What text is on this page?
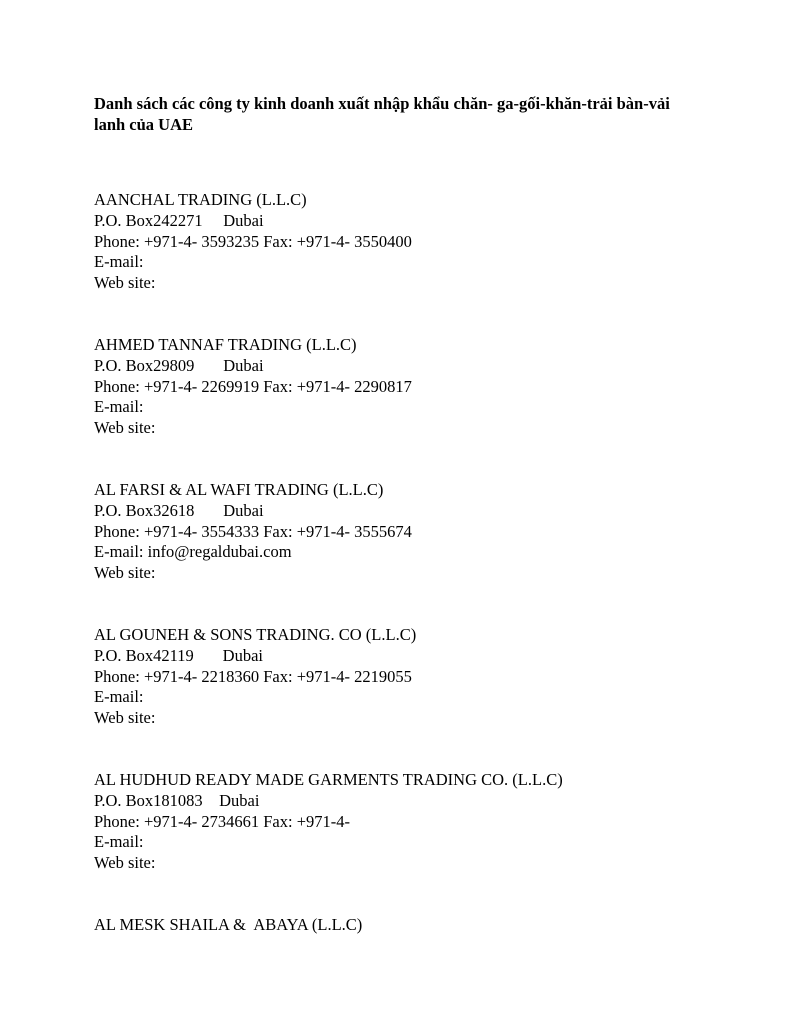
Danh sách các công ty kinh doanh xuất nhập khẩu chăn- ga-gối-khăn-trải bàn-vải lanh của UAE

AANCHAL TRADING (L.L.C)
P.O. Box242271     Dubai
Phone: +971-4- 3593235 Fax: +971-4- 3550400
E-mail:
Web site:
AHMED TANNAF TRADING (L.L.C)
P.O. Box29809       Dubai
Phone: +971-4- 2269919 Fax: +971-4- 2290817
E-mail:
Web site:
AL FARSI & AL WAFI TRADING (L.L.C)
P.O. Box32618       Dubai
Phone: +971-4- 3554333 Fax: +971-4- 3555674
E-mail: info@regaldubai.com
Web site:
AL GOUNEH & SONS TRADING. CO (L.L.C)
P.O. Box42119       Dubai
Phone: +971-4- 2218360 Fax: +971-4- 2219055
E-mail:
Web site:
AL HUDHUD READY MADE GARMENTS TRADING CO. (L.L.C)
P.O. Box181083    Dubai
Phone: +971-4- 2734661 Fax: +971-4-
E-mail:
Web site:
AL MESK SHAILA &  ABAYA (L.L.C)
